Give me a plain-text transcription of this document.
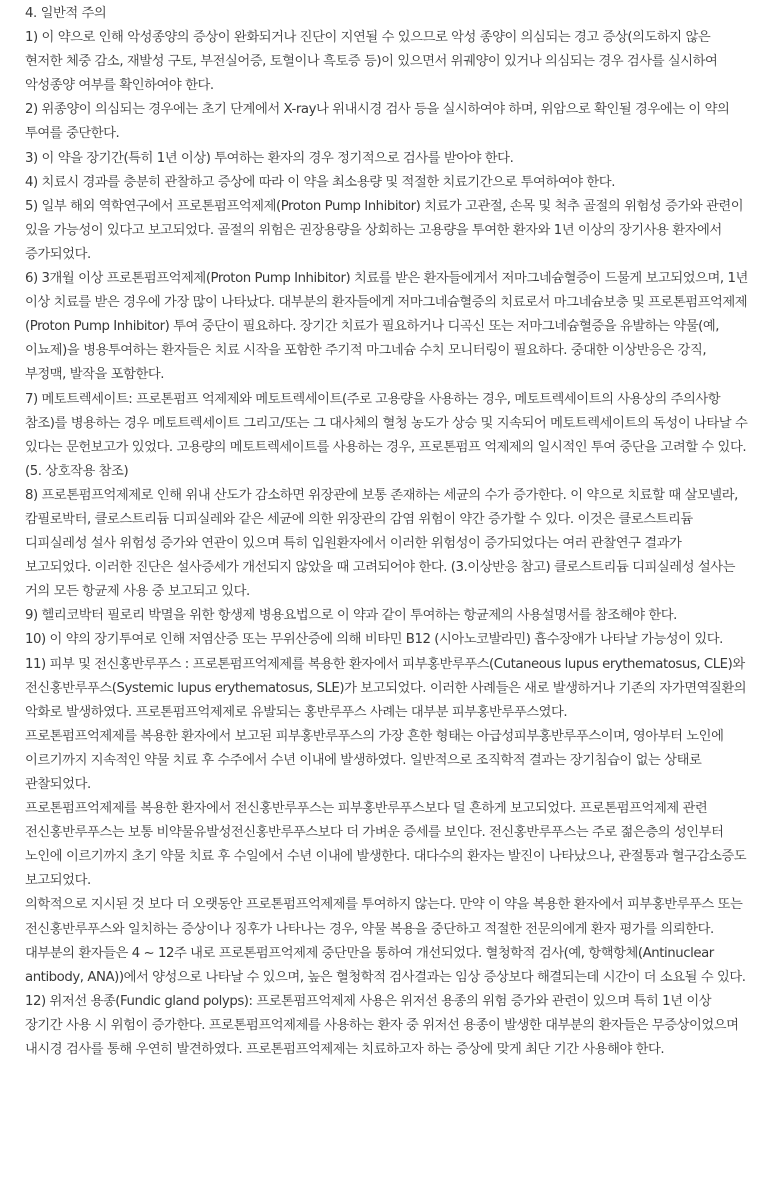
4. 일반적 주의

1) 이 약으로 인해 악성종양의 증상이 완화되거나 진단이 지연될 수 있으므로 악성 종양이 의심되는 경고 증상(의도하지 않은 현저한 체중 감소, 재발성 구토, 부전실어증, 토혈이나 흑토증 등)이 있으면서 위궤양이 있거나 의심되는 경우 검사를 실시하여 악성종양 여부를 확인하여야 한다.

2) 위종양이 의심되는 경우에는 초기 단계에서 X-ray나 위내시경 검사 등을 실시하여야 하며, 위암으로 확인될 경우에는 이 약의 투여를 중단한다.

3) 이 약을 장기간(특히 1년 이상) 투여하는 환자의 경우 정기적으로 검사를 받아야 한다.

4) 치료시 경과를 충분히 관찰하고 증상에 따라 이 약을 최소용량 및 적절한 치료기간으로 투여하여야 한다.

5) 일부 해외 역학연구에서 프로톤펌프억제제(Proton Pump Inhibitor) 치료가 고관절, 손목 및 척추 골절의 위험성 증가와 관련이 있을 가능성이 있다고 보고되었다. 골절의 위험은 권장용량을 상회하는 고용량을 투여한 환자와 1년 이상의 장기사용 환자에서 증가되었다.

6) 3개월 이상 프로톤펌프억제제(Proton Pump Inhibitor) 치료를 받은 환자들에게서 저마그네슘혈증이 드물게 보고되었으며, 1년 이상 치료를 받은 경우에 가장 많이 나타났다. 대부분의 환자들에게 저마그네슘혈증의 치료로서 마그네슘보충 및 프로톤펌프억제제(Proton Pump Inhibitor) 투여 중단이 필요하다. 장기간 치료가 필요하거나 디곡신 또는 저마그네슘혈증을 유발하는 약물(예, 이뇨제)을 병용투여하는 환자들은 치료 시작을 포함한 주기적 마그네슘 수치 모니터링이 필요하다. 중대한 이상반응은 강직, 부정맥, 발작을 포함한다.

7) 메토트렉세이트: 프로톤펌프 억제제와 메토트렉세이트(주로 고용량을 사용하는 경우, 메토트렉세이트의 사용상의 주의사항 참조)를 병용하는 경우 메토트렉세이트 그리고/또는 그 대사체의 혈청 농도가 상승 및 지속되어 메토트렉세이트의 독성이 나타날 수 있다는 문헌보고가 있었다. 고용량의 메토트렉세이트를 사용하는 경우, 프로톤펌프 억제제의 일시적인 투여 중단을 고려할 수 있다.(5. 상호작용 참조)

8) 프로톤펌프억제제로 인해 위내 산도가 감소하면 위장관에 보통 존재하는 세균의 수가 증가한다. 이 약으로 치료할 때 살모넬라, 캄필로박터, 클로스트리듐 디피실레와 같은 세균에 의한 위장관의 감염 위험이 약간 증가할 수 있다. 이것은 클로스트리듐 디피실레성 설사 위험성 증가와 연관이 있으며 특히 입원환자에서 이러한 위험성이 증가되었다는 여러 관찰연구 결과가 보고되었다. 이러한 진단은 설사증세가 개선되지 않았을 때 고려되어야 한다. (3.이상반응 참고) 클로스트리듐 디피실레성 설사는 거의 모든 항균제 사용 중 보고되고 있다.

9) 헬리코박터 필로리 박멸을 위한 항생제 병용요법으로 이 약과 같이 투여하는 항균제의 사용설명서를 참조해야 한다.

10) 이 약의 장기투여로 인해 저염산증 또는 무위산증에 의해 비타민 B12 (시아노코발라민) 흡수장애가 나타날 가능성이 있다.

11) 피부 및 전신홍반루푸스 : 프로톤펌프억제제를 복용한 환자에서 피부홍반루푸스(Cutaneous lupus erythematosus, CLE)와 전신홍반루푸스(Systemic lupus erythematosus, SLE)가 보고되었다. 이러한 사례들은 새로 발생하거나 기존의 자가면역질환의 악화로 발생하였다. 프로톤펌프억제제로 유발되는 홍반루푸스 사례는 대부분 피부홍반루푸스였다.

프로톤펌프억제제를 복용한 환자에서 보고된 피부홍반루푸스의 가장 흔한 형태는 아급성피부홍반루푸스이며, 영아부터 노인에 이르기까지 지속적인 약물 치료 후 수주에서 수년 이내에 발생하였다. 일반적으로 조직학적 결과는 장기침습이 없는 상태로 관찰되었다.

프로톤펌프억제제를 복용한 환자에서 전신홍반루푸스는 피부홍반루푸스보다 덜 흔하게 보고되었다. 프로톤펌프억제제 관련 전신홍반루푸스는 보통 비약물유발성전신홍반루푸스보다 더 가벼운 증세를 보인다. 전신홍반루푸스는 주로 젊은층의 성인부터 노인에 이르기까지 초기 약물 치료 후 수일에서 수년 이내에 발생한다. 대다수의 환자는 발진이 나타났으나, 관절통과 혈구감소증도 보고되었다.

의학적으로 지시된 것 보다 더 오랫동안 프로톤펌프억제제를 투여하지 않는다. 만약 이 약을 복용한 환자에서 피부홍반루푸스 또는 전신홍반루푸스와 일치하는 증상이나 징후가 나타나는 경우, 약물 복용을 중단하고 적절한 전문의에게 환자 평가를 의뢰한다. 대부분의 환자들은 4 ~ 12주 내로 프로톤펌프억제제 중단만을 통하여 개선되었다. 혈청학적 검사(예, 항핵항체(Antinuclear antibody, ANA))에서 양성으로 나타날 수 있으며, 높은 혈청학적 검사결과는 임상 증상보다 해결되는데 시간이 더 소요될 수 있다.

12) 위저선 용종(Fundic gland polyps): 프로톤펌프억제제 사용은 위저선 용종의 위험 증가와 관련이 있으며 특히 1년 이상 장기간 사용 시 위험이 증가한다. 프로톤펌프억제제를 사용하는 환자 중 위저선 용종이 발생한 대부분의 환자들은 무증상이었으며 내시경 검사를 통해 우연히 발견하였다. 프로톤펌프억제제는 치료하고자 하는 증상에 맞게 최단 기간 사용해야 한다.
